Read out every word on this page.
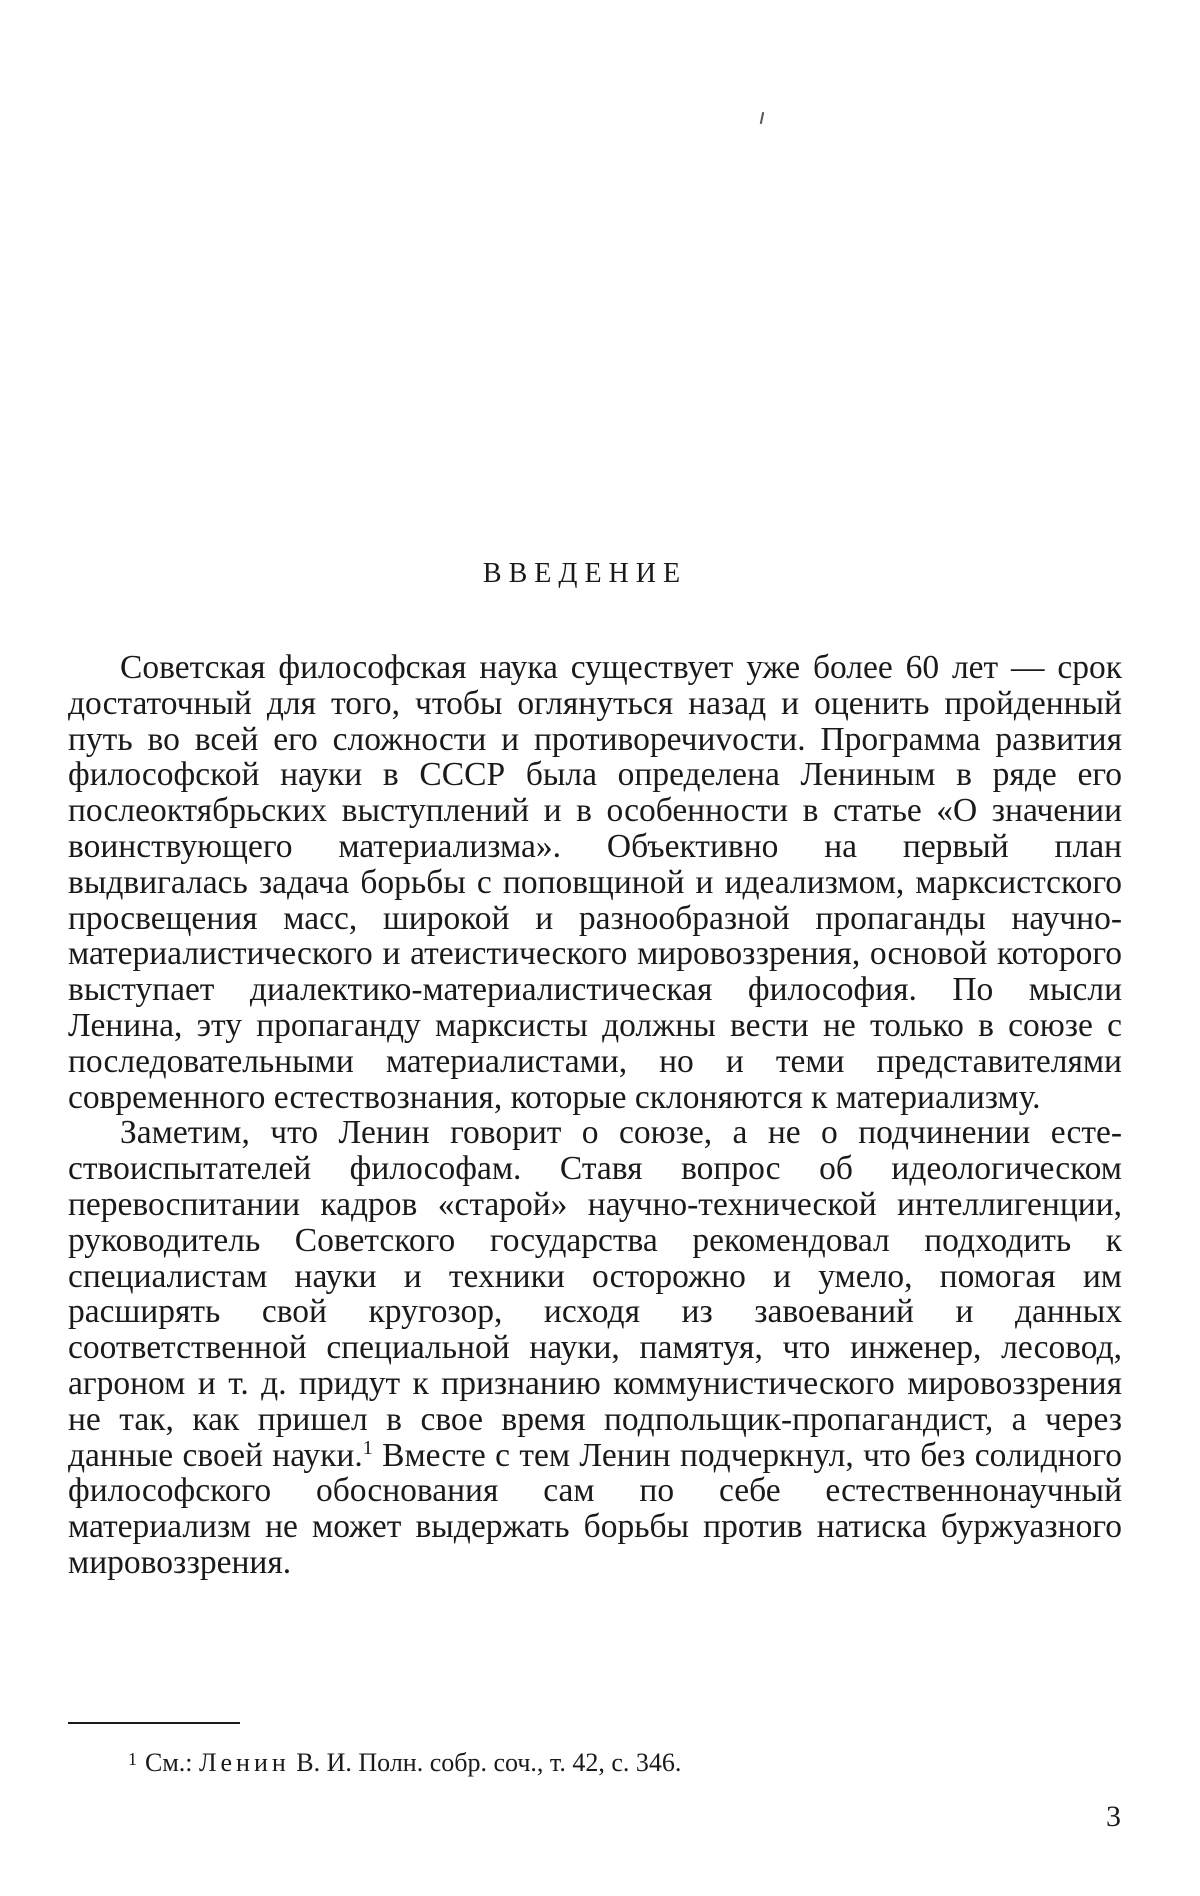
ВВЕДЕНИЕ

Советская философская наука существует уже более 60 лет — срок достаточный для того, чтобы оглянуться назад и оценить пройденный путь во всей его сложности и противоречиvости. Программа развития философской науки в СССР была определена Лениным в ряде его послеоктябрьских выступлений и в особенности в статье «О значении воинствующего материализма». Объективно на первый план выдвигалась задача борьбы с поповщиной и идеализмом, марксистского просвещения масс, широкой и разнообразной пропаганды научно-материалистического и атеистического мировоззрения, основой которого выступает диалектико-материалистическая философия. По мысли Ленина, эту пропаганду марксисты должны вести не только в союзе с последовательными материалистами, но и теми представителями современного естествознания, которые склоняются к материализму.

Заметим, что Ленин говорит о союзе, а не о подчинении естествоиспытателей философам. Ставя вопрос об идеологическом перевоспитании кадров «старой» научно-технической интеллигенции, руководитель Советского государства рекомендовал подходить к специалистам науки и техники осторожно и умело, помогая им расширять свой кругозор, исходя из завоеваний и данных соответственной специальной науки, памятуя, что инженер, лесовод, агроном и т. д. придут к признанию коммунистического мировоззрения не так, как пришел в свое время подпольщик-пропагандист, а через данные своей науки.$^1$ Вместе с тем Ленин подчеркнул, что без солидного философского обоснования сам по себе естественнонаучный материализм не может выдержать борьбы против натиска буржуазного мировоззрения.

$^1$ См.: Ленин В. И. Полн. собр. соч., т. 42, с. 346.
3
